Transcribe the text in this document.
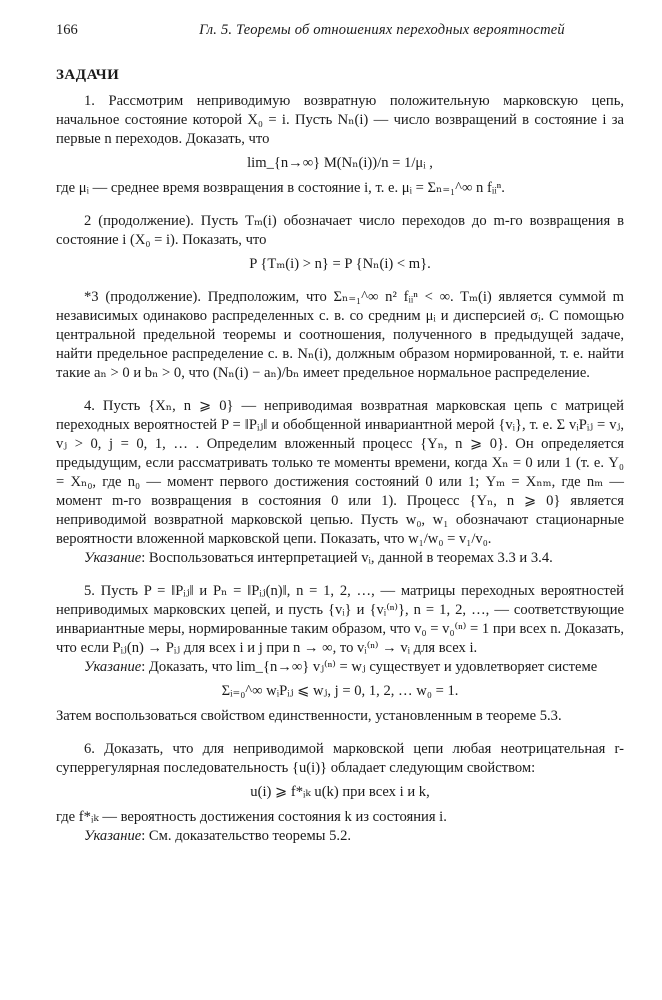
166	Гл. 5. Теоремы об отношениях переходных вероятностей
ЗАДАЧИ

1. Рассмотрим неприводимую возвратную положительную марковскую цепь, начальное состояние которой X₀ = i. Пусть Nₙ(i) — число возвращений в состояние i за первые n переходов. Доказать, что

lim_{n→∞} M(Nₙ(i))/n = 1/μᵢ ,

где μᵢ — среднее время возвращения в состояние i, т. е. μᵢ = Σₙ₌₁^∞ n fᵢᵢⁿ.

2 (продолжение). Пусть Tₘ(i) обозначает число переходов до m-го возвращения в состояние i (X₀ = i). Показать, что

P {Tₘ(i) > n} = P {Nₙ(i) < m}.

*3 (продолжение). Предположим, что Σₙ₌₁^∞ n² fᵢᵢⁿ < ∞. Tₘ(i) является суммой m независимых одинаково распределенных с. в. со средним μᵢ и дисперсией σᵢ. С помощью центральной предельной теоремы и соотношения, полученного в предыдущей задаче, найти предельное распределение с. в. Nₙ(i), должным образом нормированной, т. е. найти такие aₙ > 0 и bₙ > 0, что (Nₙ(i) − aₙ)/bₙ имеет предельное нормальное распределение.

4. Пусть {Xₙ, n ⩾ 0} — неприводимая возвратная марковская цепь с матрицей переходных вероятностей P = ‖Pᵢⱼ‖ и обобщенной инвариантной мерой {vᵢ}, т. е. Σ vᵢPᵢⱼ = vⱼ, vⱼ > 0, j = 0, 1, … . Определим вложенный процесс {Yₙ, n ⩾ 0}. Он определяется предыдущим, если рассматривать только те моменты времени, когда Xₙ = 0 или 1 (т. е. Y₀ = Xₙ₀, где n₀ — момент первого достижения состояний 0 или 1; Yₘ = Xₙₘ, где nₘ — момент m-го возвращения в состояния 0 или 1). Процесс {Yₙ, n ⩾ 0} является неприводимой возвратной марковской цепью. Пусть w₀, w₁ обозначают стационарные вероятности вложенной марковской цепи. Показать, что w₁/w₀ = v₁/v₀.

Указание: Воспользоваться интерпретацией vᵢ, данной в теоремах 3.3 и 3.4.

5. Пусть P = ‖Pᵢⱼ‖ и Pₙ = ‖Pᵢⱼ(n)‖, n = 1, 2, …, — матрицы переходных вероятностей неприводимых марковских цепей, и пусть {vᵢ} и {vᵢ⁽ⁿ⁾}, n = 1, 2, …, — соответствующие инвариантные меры, нормированные таким образом, что v₀ = v₀⁽ⁿ⁾ = 1 при всех n. Доказать, что если Pᵢⱼ(n) → Pᵢⱼ для всех i и j при n → ∞, то vᵢ⁽ⁿ⁾ → vᵢ для всех i.

Указание: Доказать, что lim_{n→∞} vⱼ⁽ⁿ⁾ = wⱼ существует и удовлетворяет системе

Σᵢ₌₀^∞ wᵢPᵢⱼ ⩽ wⱼ, j = 0, 1, 2, … w₀ = 1.

Затем воспользоваться свойством единственности, установленным в теореме 5.3.

6. Доказать, что для неприводимой марковской цепи любая неотрицательная r-суперрегулярная последовательность {u(i)} обладает следующим свойством:

u(i) ⩾ f*ᵢₖ u(k) при всех i и k,

где f*ᵢₖ — вероятность достижения состояния k из состояния i.

Указание: См. доказательство теоремы 5.2.
